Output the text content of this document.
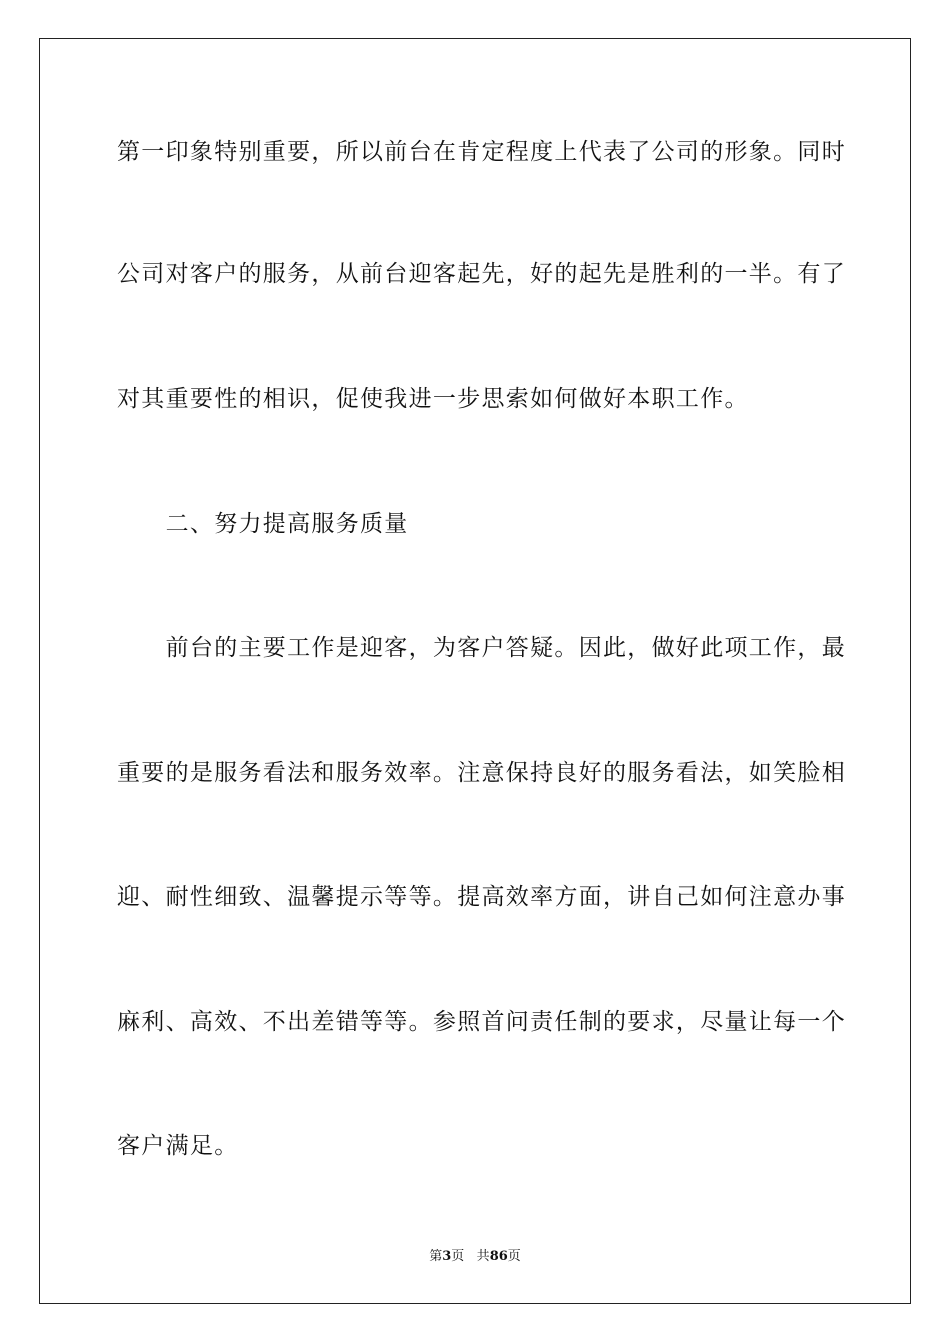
第一印象特别重要，所以前台在肯定程度上代表了公司的形象。同时
公司对客户的服务，从前台迎客起先，好的起先是胜利的一半。有了
对其重要性的相识，促使我进一步思索如何做好本职工作。
　　二、努力提高服务质量
　　前台的主要工作是迎客，为客户答疑。因此，做好此项工作，最
重要的是服务看法和服务效率。注意保持良好的服务看法，如笑脸相
迎、耐性细致、温馨提示等等。提高效率方面，讲自己如何注意办事
麻利、高效、不出差错等等。参照首问责任制的要求，尽量让每一个
客户满足。
第3页 共86页
